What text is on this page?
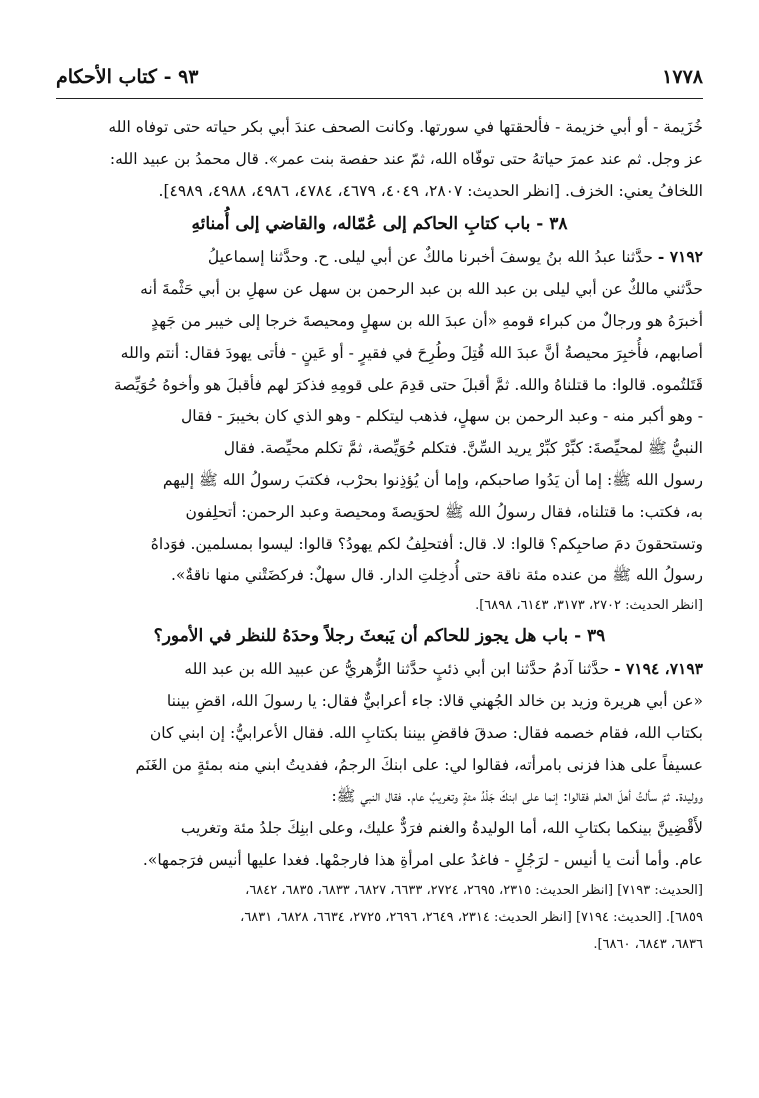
١٧٧٨
٩٣ - كتاب الأحكام

خُزَيمة - أو أبي خزيمة - فألحقتها في سورتها. وكانت الصحف عندَ أبي بكر حياته حتى توفاه الله

عز وجل. ثم عند عمرَ حياتهُ حتى توفّاه الله، ثمّ عند حفصة بنت عمر». قال محمدُ بن عبيد الله:

اللخافُ يعني: الخزف. [انظر الحديث: ٢٨٠٧، ٤٠٤٩، ٤٦٧٩، ٤٧٨٤، ٤٩٨٦، ٤٩٨٨، ٤٩٨٩].

٣٨ - باب كتابِ الحاكم إلى عُمّاله، والقاضي إلى أُمنائهِ

٧١٩٢ - حدَّثنا عبدُ الله بنُ يوسفَ أخبرنا مالكٌ عن أبي ليلى. ح. وحدَّثنا إسماعيلُ

حدَّثني مالكٌ عن أبي ليلى بن عبد الله بن عبد الرحمن بن سهل عن سهلِ بن أبي حَثْمةَ أنه

أخبرَهُ هو ورجالٌ من كبراء قومهِ «أن عبدَ الله بن سهلٍ ومحيصةَ خرجا إلى خيبر من جَهدٍ

أصابهم، فأُخبِرَ محيصةُ أنَّ عبدَ الله قُتِلَ وطُرِحَ في فقيرٍ - أو عَينٍ - فأتى يهودَ فقال: أنتم والله

قَتَلتُموه. قالوا: ما قتلناهُ والله. ثمَّ أقبلَ حتى قدِمَ على قومِهِ فذكرَ لهم فأقبلَ هو وأخوهُ حُوَيِّصة

- وهو أكبر منه - وعبد الرحمن بن سهلٍ، فذهب ليتكلم - وهو الذي كان بخيبرَ - فقال

النبيُّ ﷺ لمحيِّصةَ: كبِّرْ كبِّرْ يريد السِّنَّ. فتكلم حُوَيِّصة، ثمَّ تكلم محيِّصة. فقال

رسول الله ﷺ: إما أن يَدُوا صاحبكم، وإما أن يُؤذِنوا بحرْب، فكتبَ رسولُ الله ﷺ إليهم

به، فكتب: ما قتلناه، فقال رسولُ الله ﷺ لحوَيصةَ ومحيصة وعبد الرحمن: أتحلِفون

وتستحقونَ دمَ صاحبِكم؟ قالوا: لا. قال: أفتحلِفُ لكم يهودُ؟ قالوا: ليسوا بمسلمين. فوَداهُ

رسولُ الله ﷺ من عنده مئة ناقة حتى أُدخِلتِ الدار. قال سهلٌ: فركضَتْني منها ناقةٌ».

[انظر الحديث: ٢٧٠٢، ٣١٧٣، ٦١٤٣، ٦٨٩٨].

٣٩ - باب هل يجوز للحاكم أن يَبعثَ رجلاً وحدَهُ للنظر في الأمور؟

٧١٩٣، ٧١٩٤ - حدَّثنا آدمُ حدَّثنا ابن أبي ذئبٍ حدَّثنا الزُّهريُّ عن عبيد الله بن عبد الله

«عن أبي هريرة وزيد بن خالد الجُهني قالا: جاء أعرابيٌّ فقال: يا رسولَ الله، اقضِ بيننا

بكتاب الله، فقام خصمه فقال: صدقَ فاقضِ بيننا بكتابِ الله. فقال الأعرابيُّ: إن ابني كان

عسيفاً على هذا فزنى بامرأته، فقالوا لي: على ابنكَ الرجمُ، ففديتُ ابني منه بمئةٍ من الغَنَم

ووليدة. ثمّ سألتُ أهلَ العلم فقالوا: إنما على ابنكَ جَلْدُ مئةٍ وتغريبُ عام. فقال النبي ﷺ:

لأَقْضِينَّ بينكما بكتابِ الله، أما الوليدةُ والغنم فرَدٌّ عليك، وعلى ابنِكَ جلدُ مئة وتغريب

عام. وأما أنت يا أنيس - لرَجُلٍ - فاغدُ على امرأةِ هذا فارجمْها. فغدا عليها أنيس فرَجمها».

[الحديث: ٧١٩٣] [انظر الحديث: ٢٣١٥، ٢٦٩٥، ٢٧٢٤، ٦٦٣٣، ٦٨٢٧، ٦٨٣٣، ٦٨٣٥، ٦٨٤٢،

٦٨٥٩]. [الحديث: ٧١٩٤] [انظر الحديث: ٢٣١٤، ٢٦٤٩، ٢٦٩٦، ٢٧٢٥، ٦٦٣٤، ٦٨٢٨، ٦٨٣١،

٦٨٣٦، ٦٨٤٣، ٦٨٦٠].
